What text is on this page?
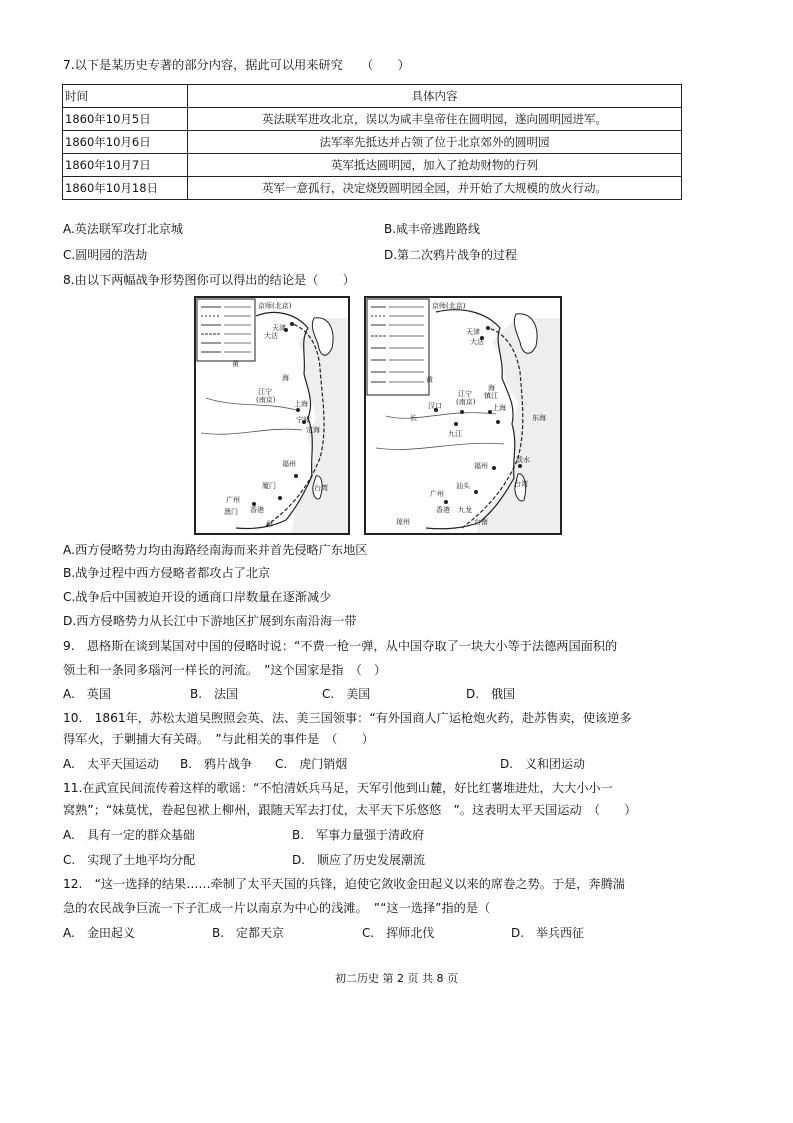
7.以下是某历史专著的部分内容，据此可以用来研究　　（　　）
时间	具体内容
1860年10月5日	英法联军进攻北京，误以为咸丰皇帝住在圆明园，遂向圆明园进军。
1860年10月6日	法军率先抵达并占领了位于北京郊外的圆明园
1860年10月7日	英军抵达圆明园，加入了抢劫财物的行列
1860年10月18日	英军一意孤行，决定烧毁圆明园全园，并开始了大规模的放火行动。
A.英法联军攻打北京城	B.咸丰帝逃跑路线
C.圆明园的浩劫	D.第二次鸦片战争的过程
8.由以下两幅战争形势图你可以得出的结论是（　　）
京师(北京)
天津
大沽
黄
海
江宁
(南京)	上海
宁波
定海
福州
厦门
广州
香港
澳门
州
台湾
京师(北京)
天津
大沽
黄
海
汉口
江宁
(南京)
镇江
上海
东海
长
九江
福州
淡水
汕头
广州
香港 九龙
琼州	台南
台湾
A.西方侵略势力均由海路经南海而来并首先侵略广东地区
B.战争过程中西方侵略者都攻占了北京
C.战争后中国被迫开设的通商口岸数量在逐渐减少
D.西方侵略势力从长江中下游地区扩展到东南沿海一带
9.　恩格斯在谈到某国对中国的侵略时说：“不费一枪一弹，从中国夺取了一块大小等于法德两国面积的
领土和一条同多瑙河一样长的河流。　”这个国家是指　（　）
A.　英国	B.　法国	C.　美国	D.　俄国
10.　1861年，苏松太道吴煦照会英、法、美三国领事：“有外国商人广运枪炮火药，赴苏售卖，使该逆多
得军火，于剿捕大有关碍。　”与此相关的事件是　（　　）
A.　太平天国运动 B.　鸦片战争 C.　虎门销烟	D.　义和团运动
11.在武宣民间流传着这样的歌谣：“不怕清妖兵马足，天军引他到山麓，好比红薯堆进灶，大大小小一
窝熟”；“妹莫忧，卷起包袱上柳州，跟随天军去打仗，太平天下乐悠悠　”。这表明太平天国运动　（　　）
A.　具有一定的群众基础	B.　军事力量强于清政府
C.　实现了土地平均分配	D.　顺应了历史发展潮流
12.　“这一选择的结果……牵制了太平天国的兵锋，迫使它敛收金田起义以来的席卷之势。于是，奔腾湍
急的农民战争巨流一下子汇成一片以南京为中心的浅滩。　”“这一选择”指的是（
A.　金田起义	B.　定都天京	C.　挥师北伐	D.　举兵西征
初二历史 第 2 页 共 8 页
